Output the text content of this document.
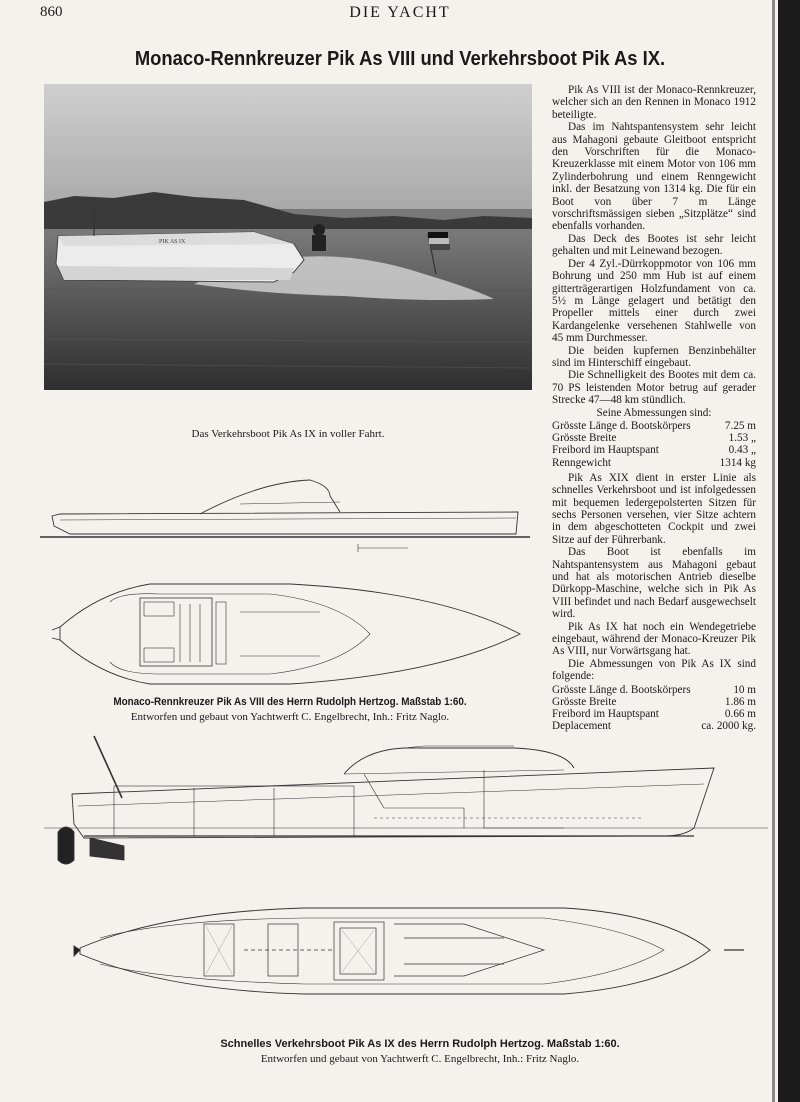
860	DIE YACHT
Monaco-Rennkreuzer Pik As VIII und Verkehrsboot Pik As IX.
PIK AS IX
Das Verkehrsboot Pik As IX in voller Fahrt.

Pik As VIII ist der Monaco-Rennkreuzer, welcher sich an den Rennen in Monaco 1912 beteiligte.

Das im Nahtspantensystem sehr leicht aus Mahagoni gebaute Gleitboot entspricht den Vorschriften für die Monaco-Kreuzerklasse mit einem Motor von 106 mm Zylinderbohrung und einem Renngewicht inkl. der Besatzung von 1314 kg. Die für ein Boot von über 7 m Länge vorschriftsmässigen sieben „Sitzplätze“ sind ebenfalls vorhanden.

Das Deck des Bootes ist sehr leicht gehalten und mit Leinewand bezogen.

Der 4 Zyl.-Dürrkoppmotor von 106 mm Bohrung und 250 mm Hub ist auf einem gitterträgerartigen Holzfundament von ca. 5½ m Länge gelagert und betätigt den Propeller mittels einer durch zwei Kardangelenke versehenen Stahlwelle von 45 mm Durchmesser.

Die beiden kupfernen Benzinbehälter sind im Hinterschiff eingebaut.

Die Schnelligkeit des Bootes mit dem ca. 70 PS leistenden Motor betrug auf gerader Strecke 47—48 km stündlich.

Seine Abmessungen sind:

Grösste Länge d. Bootskörpers	7.25 m
Grösste Breite	1.53 „
Freibord im Hauptspant	0.43 „
Renngewicht	1314 kg

Pik As XIX dient in erster Linie als schnelles Verkehrsboot und ist infolgedessen mit bequemen ledergepolsterten Sitzen für sechs Personen versehen, vier Sitze achtern in dem abgeschotteten Cockpit und zwei Sitze auf der Führerbank.

Das Boot ist ebenfalls im Nahtspantensystem aus Mahagoni gebaut und hat als motorischen Antrieb dieselbe Dürkopp-Maschine, welche sich in Pik As VIII befindet und nach Bedarf ausgewechselt wird.

Pik As IX hat noch ein Wendegetriebe eingebaut, während der Monaco-Kreuzer Pik As VIII, nur Vorwärtsgang hat.

Die Abmessungen von Pik As IX sind folgende:

Grösste Länge d. Bootskörpers	10 m
Grösste Breite	1.86 m
Freibord im Hauptspant	0.66 m
Deplacement	ca. 2000 kg.
Monaco-Rennkreuzer Pik As VIII des Herrn Rudolph Hertzog. Maßstab 1:60.
Entworfen und gebaut von Yachtwerft C. Engelbrecht, Inh.: Fritz Naglo.
Schnelles Verkehrsboot Pik As IX des Herrn Rudolph Hertzog. Maßstab 1:60.
Entworfen und gebaut von Yachtwerft C. Engelbrecht, Inh.: Fritz Naglo.
